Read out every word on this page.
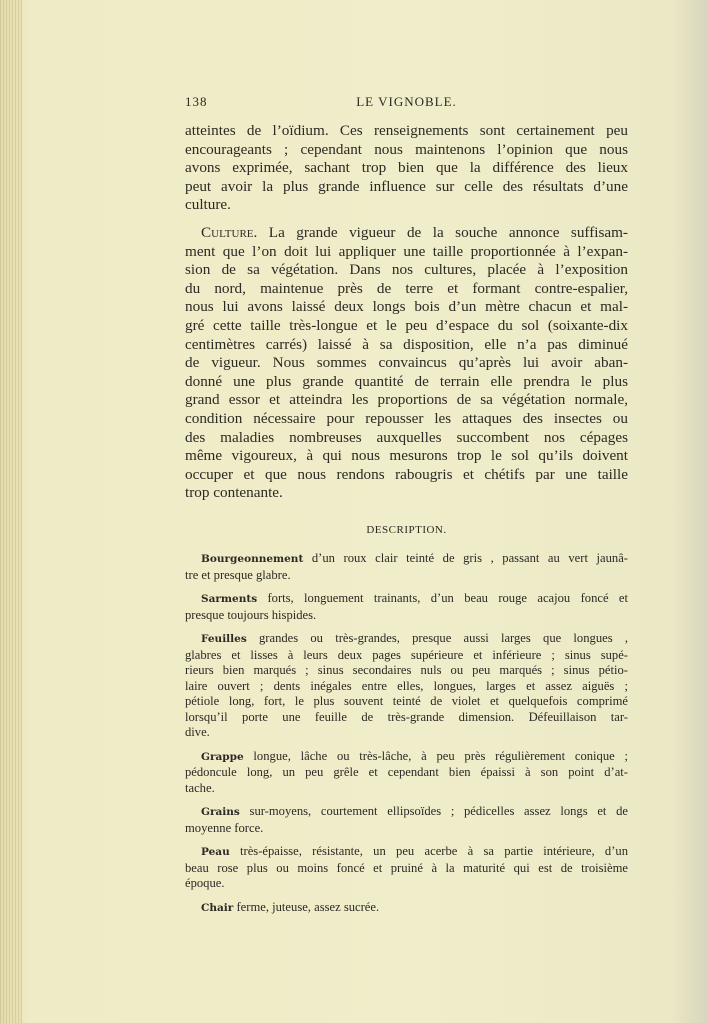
138	LE VIGNOBLE.
atteintes de l’oïdium. Ces renseignements sont certainement peu
encourageants ; cependant nous maintenons l’opinion que nous
avons exprimée, sachant trop bien que la différence des lieux
peut avoir la plus grande influence sur celle des résultats d’une
culture.
Culture. La grande vigueur de la souche annonce suffisam-
ment que l’on doit lui appliquer une taille proportionnée à l’expan-
sion de sa végétation. Dans nos cultures, placée à l’exposition
du nord, maintenue près de terre et formant contre-espalier,
nous lui avons laissé deux longs bois d’un mètre chacun et mal-
gré cette taille très-longue et le peu d’espace du sol (soixante-dix
centimètres carrés) laissé à sa disposition, elle n’a pas diminué
de vigueur. Nous sommes convaincus qu’après lui avoir aban-
donné une plus grande quantité de terrain elle prendra le plus
grand essor et atteindra les proportions de sa végétation normale,
condition nécessaire pour repousser les attaques des insectes ou
des maladies nombreuses auxquelles succombent nos cépages
même vigoureux, à qui nous mesurons trop le sol qu’ils doivent
occuper et que nous rendons rabougris et chétifs par une taille
trop contenante.
DESCRIPTION.
Bourgeonnement d’un roux clair teinté de gris , passant au vert jaunâ-
tre et presque glabre.
Sarments forts, longuement trainants, d’un beau rouge acajou foncé et
presque toujours hispides.
Feuilles grandes ou très-grandes, presque aussi larges que longues ,
glabres et lisses à leurs deux pages supérieure et inférieure ; sinus supé-
rieurs bien marqués ; sinus secondaires nuls ou peu marqués ; sinus pétio-
laire ouvert ; dents inégales entre elles, longues, larges et assez aiguës ;
pétiole long, fort, le plus souvent teinté de violet et quelquefois comprimé
lorsqu’il porte une feuille de très-grande dimension. Défeuillaison tar-
dive.
Grappe longue, lâche ou très-lâche, à peu près régulièrement conique ;
pédoncule long, un peu grêle et cependant bien épaissi à son point d’at-
tache.
Grains sur-moyens, courtement ellipsoïdes ; pédicelles assez longs et de
moyenne force.
Peau très-épaisse, résistante, un peu acerbe à sa partie intérieure, d’un
beau rose plus ou moins foncé et pruiné à la maturité qui est de troisième
époque.
Chair ferme, juteuse, assez sucrée.
